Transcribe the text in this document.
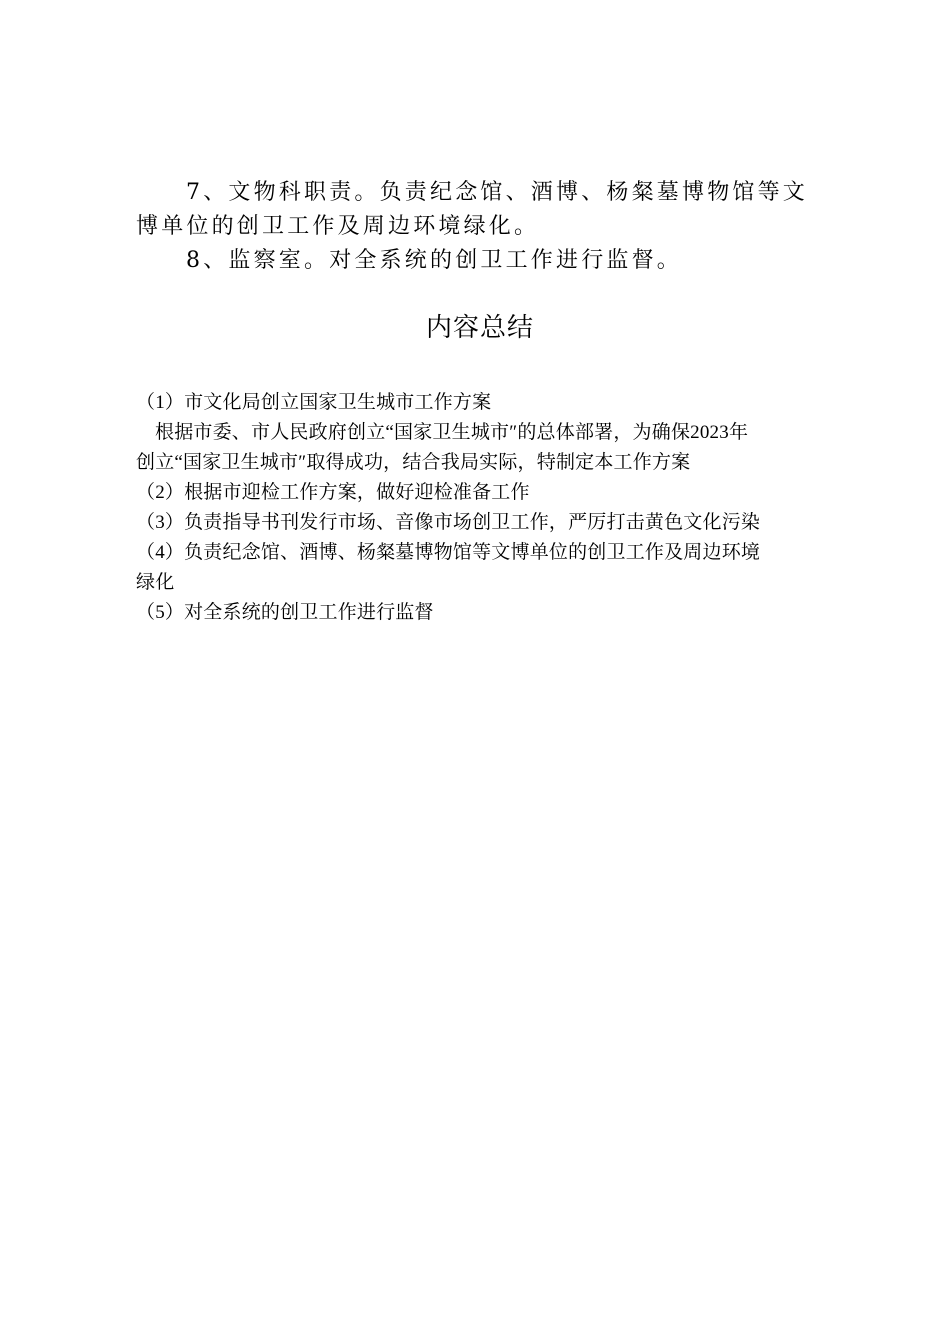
7、文物科职责。负责纪念馆、酒博、杨粲墓博物馆等文

博单位的创卫工作及周边环境绿化。

8、监察室。对全系统的创卫工作进行监督。

内容总结

（1）市文化局创立国家卫生城市工作方案

根据市委、市人民政府创立“国家卫生城市″的总体部署，为确保2023年

创立“国家卫生城市″取得成功，结合我局实际，特制定本工作方案

（2）根据市迎检工作方案，做好迎检准备工作

（3）负责指导书刊发行市场、音像市场创卫工作，严厉打击黄色文化污染

（4）负责纪念馆、酒博、杨粲墓博物馆等文博单位的创卫工作及周边环境

绿化

（5）对全系统的创卫工作进行监督
